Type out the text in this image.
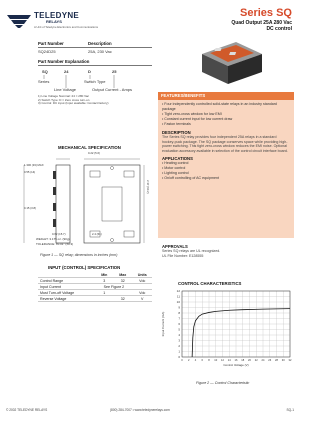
TELEDYNE
RELAYS
A Unit of Teledyne Electronics and Communications
Series SQ
Quad Output 25A 280 Vac
DC control
Part Number	Description
SQ24D25	25A, 230 Vac
Part Number Explanation
SQ	24	D	25
Series	Switch Type
Line Voltage	Output Current - Amps
1) Line Voltage Nominal: 24 = 280 Vac
2) Switch Type: D = Zero cross turn-on
3) Control: DC input (Input available: Contact factory)
MECHANICAL SPECIFICATION
0.22 (5.6)
1.300 (33) MAX
0.55 (14)
0.15 (3.8)
2.37 (60.2)
0.62 (15.7)	2.4 (61)
WEIGHT: 3.175 oz. (90g)
TOLERANCE: ±0.01" (±0.3)
Figure 1 — SQ relay; dimensions in inches (mm)
INPUT (CONTROL) SPECIFICATION
	Min	Max	Units
Control Range	3	32	Vdc
Input Current	See Figure 2		
Must Turn-off Voltage	1		Vdc
Reverse Voltage		32	V
FEATURES/BENEFITS
• Four independently controlled solid-state relays in an industry standard package
• Tight zero-cross window for low EMI
• Constant current input for low current draw
• Faston terminals
DESCRIPTION
The Series SQ relay provides four independent 25A relays in a standard hockey-puck package. The SQ package conserves space while providing high-power switching. This tight zero-cross window reduces the EMI noise. Optional evaluation accessory available in selection of the control circuit interface board.
APPLICATIONS
• Heating control
• Motor control
• Lighting control
• On/off controlling of AC equipment
APPROVALS
Series SQ relays are UL recognized.
UL File Number: E128555
CONTROL CHARACTERISTICS
0
1
2
3
4
5
6
7
8
9
10
11
12
0 2 4 6 8 10 12 14 16 18 20 22 24 26 28 30 32
Input Current (mA)
Control Voltage (V)
Figure 2 — Control Characteristic
© 2002 TELEDYNE RELAYS	(800) 284-7007 • www.teledynerelays.com	SQ-1
